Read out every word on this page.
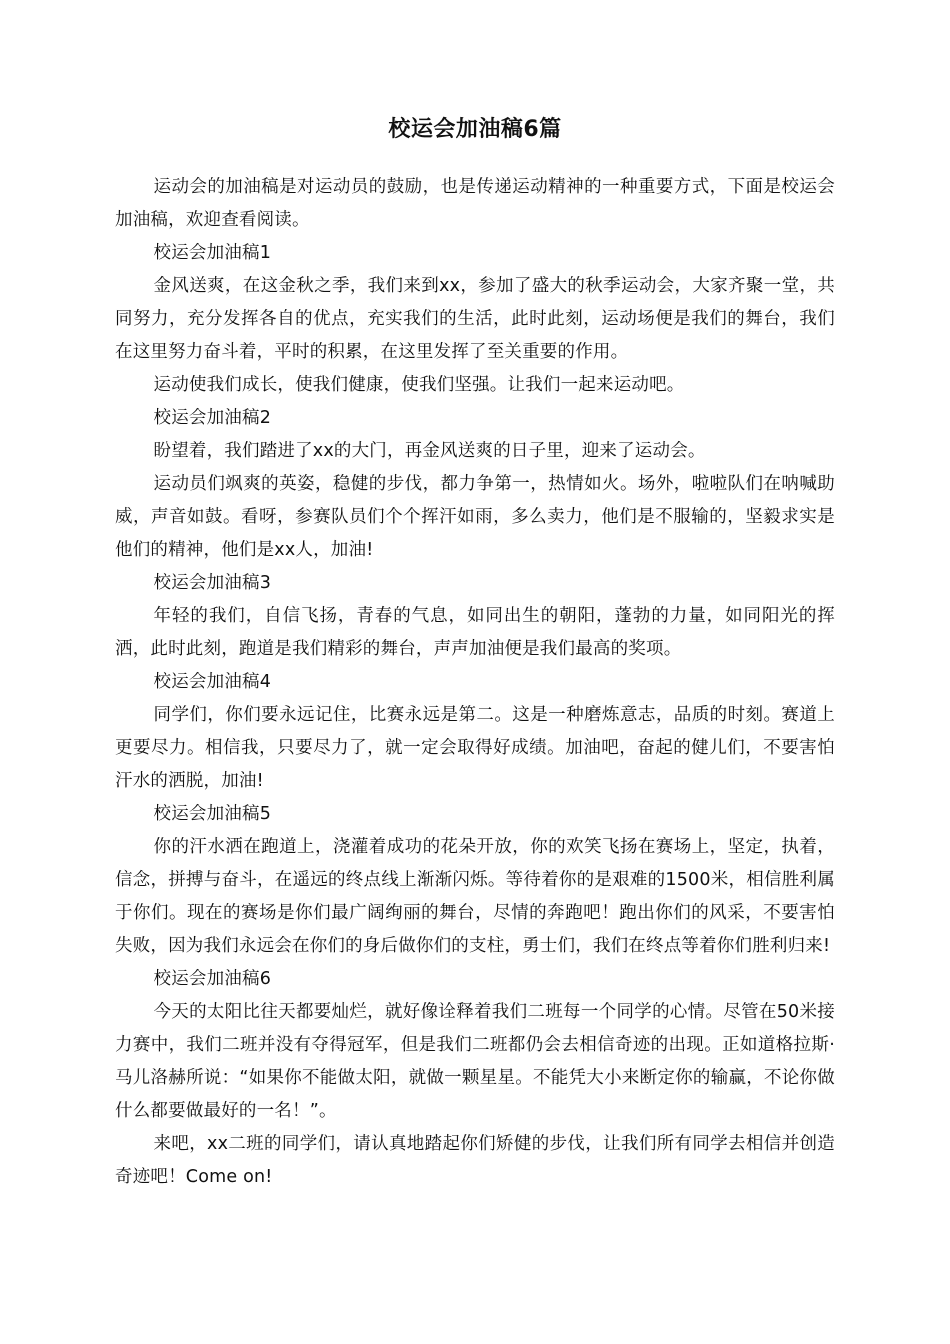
校运会加油稿6篇

运动会的加油稿是对运动员的鼓励，也是传递运动精神的一种重要方式，下面是校运会加油稿，欢迎查看阅读。

校运会加油稿1

金风送爽，在这金秋之季，我们来到xx，参加了盛大的秋季运动会，大家齐聚一堂，共同努力，充分发挥各自的优点，充实我们的生活，此时此刻，运动场便是我们的舞台，我们在这里努力奋斗着，平时的积累，在这里发挥了至关重要的作用。

运动使我们成长，使我们健康，使我们坚强。让我们一起来运动吧。

校运会加油稿2

盼望着，我们踏进了xx的大门，再金风送爽的日子里，迎来了运动会。

运动员们飒爽的英姿，稳健的步伐，都力争第一，热情如火。场外，啦啦队们在呐喊助威，声音如鼓。看呀，参赛队员们个个挥汗如雨，多么卖力，他们是不服输的，坚毅求实是他们的精神，他们是xx人，加油!

校运会加油稿3

年轻的我们，自信飞扬，青春的气息，如同出生的朝阳，蓬勃的力量，如同阳光的挥洒，此时此刻，跑道是我们精彩的舞台，声声加油便是我们最高的奖项。

校运会加油稿4

同学们，你们要永远记住，比赛永远是第二。这是一种磨炼意志，品质的时刻。赛道上更要尽力。相信我，只要尽力了，就一定会取得好成绩。加油吧，奋起的健儿们，不要害怕汗水的洒脱，加油!

校运会加油稿5

你的汗水洒在跑道上，浇灌着成功的花朵开放，你的欢笑飞扬在赛场上，坚定，执着，信念，拼搏与奋斗，在遥远的终点线上渐渐闪烁。等待着你的是艰难的1500米，相信胜利属于你们。现在的赛场是你们最广阔绚丽的舞台，尽情的奔跑吧！跑出你们的风采，不要害怕失败，因为我们永远会在你们的身后做你们的支柱，勇士们，我们在终点等着你们胜利归来!

校运会加油稿6

今天的太阳比往天都要灿烂，就好像诠释着我们二班每一个同学的心情。尽管在50米接力赛中，我们二班并没有夺得冠军，但是我们二班都仍会去相信奇迹的出现。正如道格拉斯·马儿洛赫所说：“如果你不能做太阳，就做一颗星星。不能凭大小来断定你的输赢，不论你做什么都要做最好的一名！”。

来吧，xx二班的同学们，请认真地踏起你们矫健的步伐，让我们所有同学去相信并创造奇迹吧！Come on!
